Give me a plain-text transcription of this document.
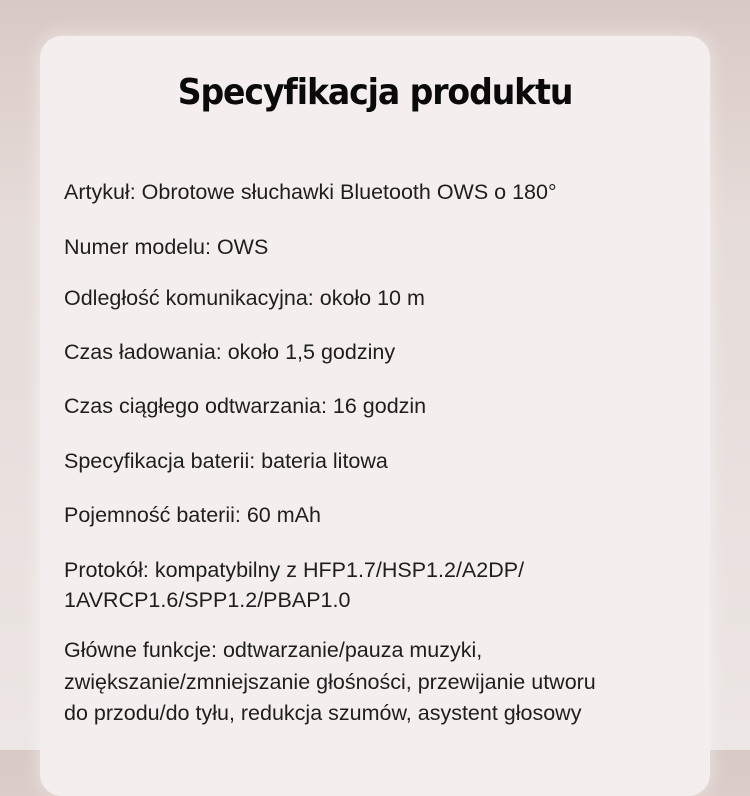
Specyfikacja produktu
Artykuł: Obrotowe słuchawki Bluetooth OWS o 180°
Numer modelu: OWS
Odległość komunikacyjna: około 10 m
Czas ładowania: około 1,5 godziny
Czas ciągłego odtwarzania: 16 godzin
Specyfikacja baterii: bateria litowa
Pojemność baterii: 60 mAh
Protokół: kompatybilny z HFP1.7/HSP1.2/A2DP/
1AVRCP1.6/SPP1.2/PBAP1.0
Główne funkcje: odtwarzanie/pauza muzyki,
zwiększanie/zmniejszanie głośności, przewijanie utworu
do przodu/do tyłu, redukcja szumów, asystent głosowy
